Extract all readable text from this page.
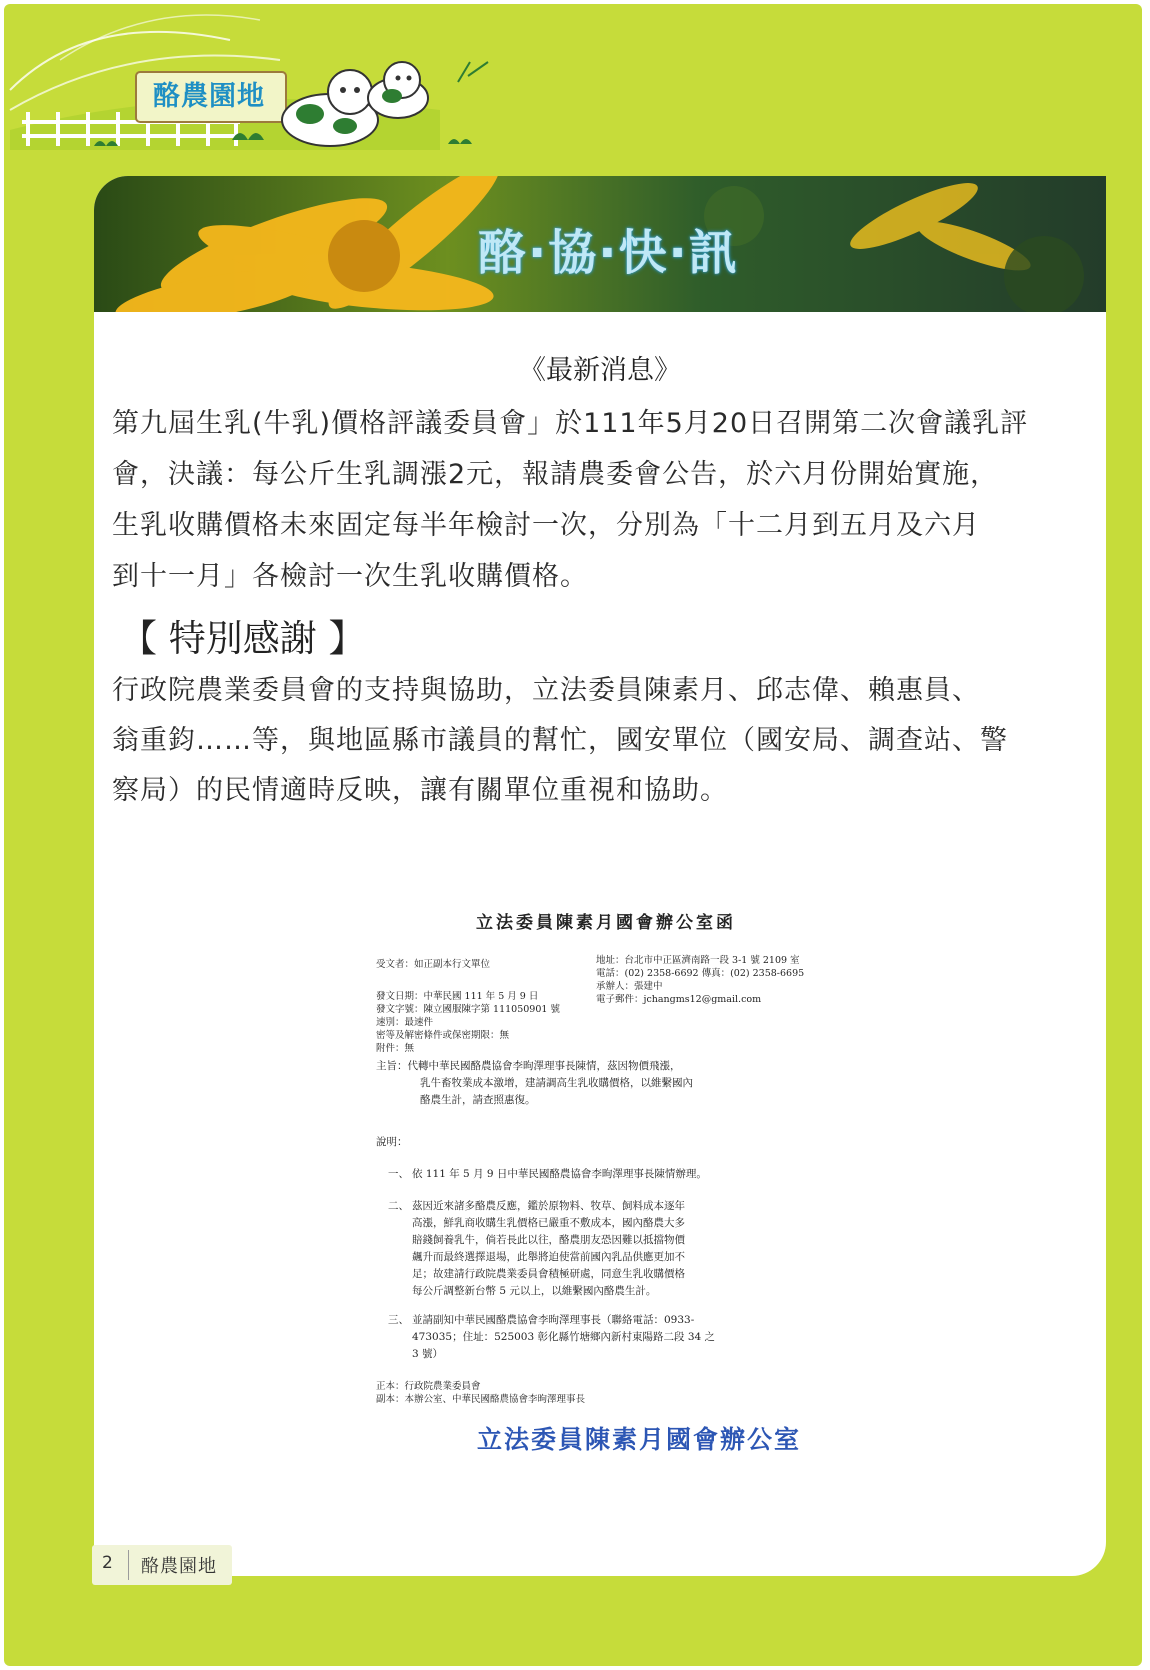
酪農園地
酪·協·快·訊
《最新消息》
第九屆生乳(牛乳)價格評議委員會」於111年5月20日召開第二次會議乳評
會，決議：每公斤生乳調漲2元，報請農委會公告，於六月份開始實施，
生乳收購價格未來固定每半年檢討一次，分別為「十二月到五月及六月
到十一月」各檢討一次生乳收購價格。
【 特別感謝 】
行政院農業委員會的支持與協助，立法委員陳素月、邱志偉、賴惠員、
翁重鈞……等，與地區縣市議員的幫忙，國安單位（國安局、調查站、警
察局）的民情適時反映，讓有關單位重視和協助。
立法委員陳素月國會辦公室函
受文者：如正副本行文單位	地址：台北市中正區濟南路一段 3-1 號 2109 室
電話：(02) 2358-6692 傳真：(02) 2358-6695
承辦人：張建中
電子郵件：jchangms12@gmail.com
發文日期：中華民國 111 年 5 月 9 日
發文字號：陳立國服陳字第 111050901 號
速別：最速件
密等及解密條件或保密期限：無
附件：無
主旨：代轉中華民國酪農協會李昫澤理事長陳情，茲因物價飛漲，
乳牛畜牧業成本激增，建請調高生乳收購價格，以維繫國內
酪農生計，請查照惠復。
說明：
一、 依 111 年 5 月 9 日中華民國酪農協會李昫澤理事長陳情辦理。
二、 茲因近來諸多酪農反應，鑑於原物料、牧草、飼料成本逐年
高漲，鮮乳商收購生乳價格已嚴重不敷成本，國內酪農大多
賠錢飼養乳牛，倘若長此以往，酪農朋友恐因難以抵擋物價
飆升而最終選擇退場，此舉將迫使當前國內乳品供應更加不
足；故建請行政院農業委員會積極研處，同意生乳收購價格
每公斤調整新台幣 5 元以上，以維繫國內酪農生計。
三、 並請副知中華民國酪農協會李昫澤理事長（聯絡電話：0933-
473035；住址：525003 彰化縣竹塘鄉內新村東陽路二段 34 之
3 號）
正本：行政院農業委員會
副本：本辦公室、中華民國酪農協會李昫澤理事長
立法委員陳素月國會辦公室
2 酪農園地
